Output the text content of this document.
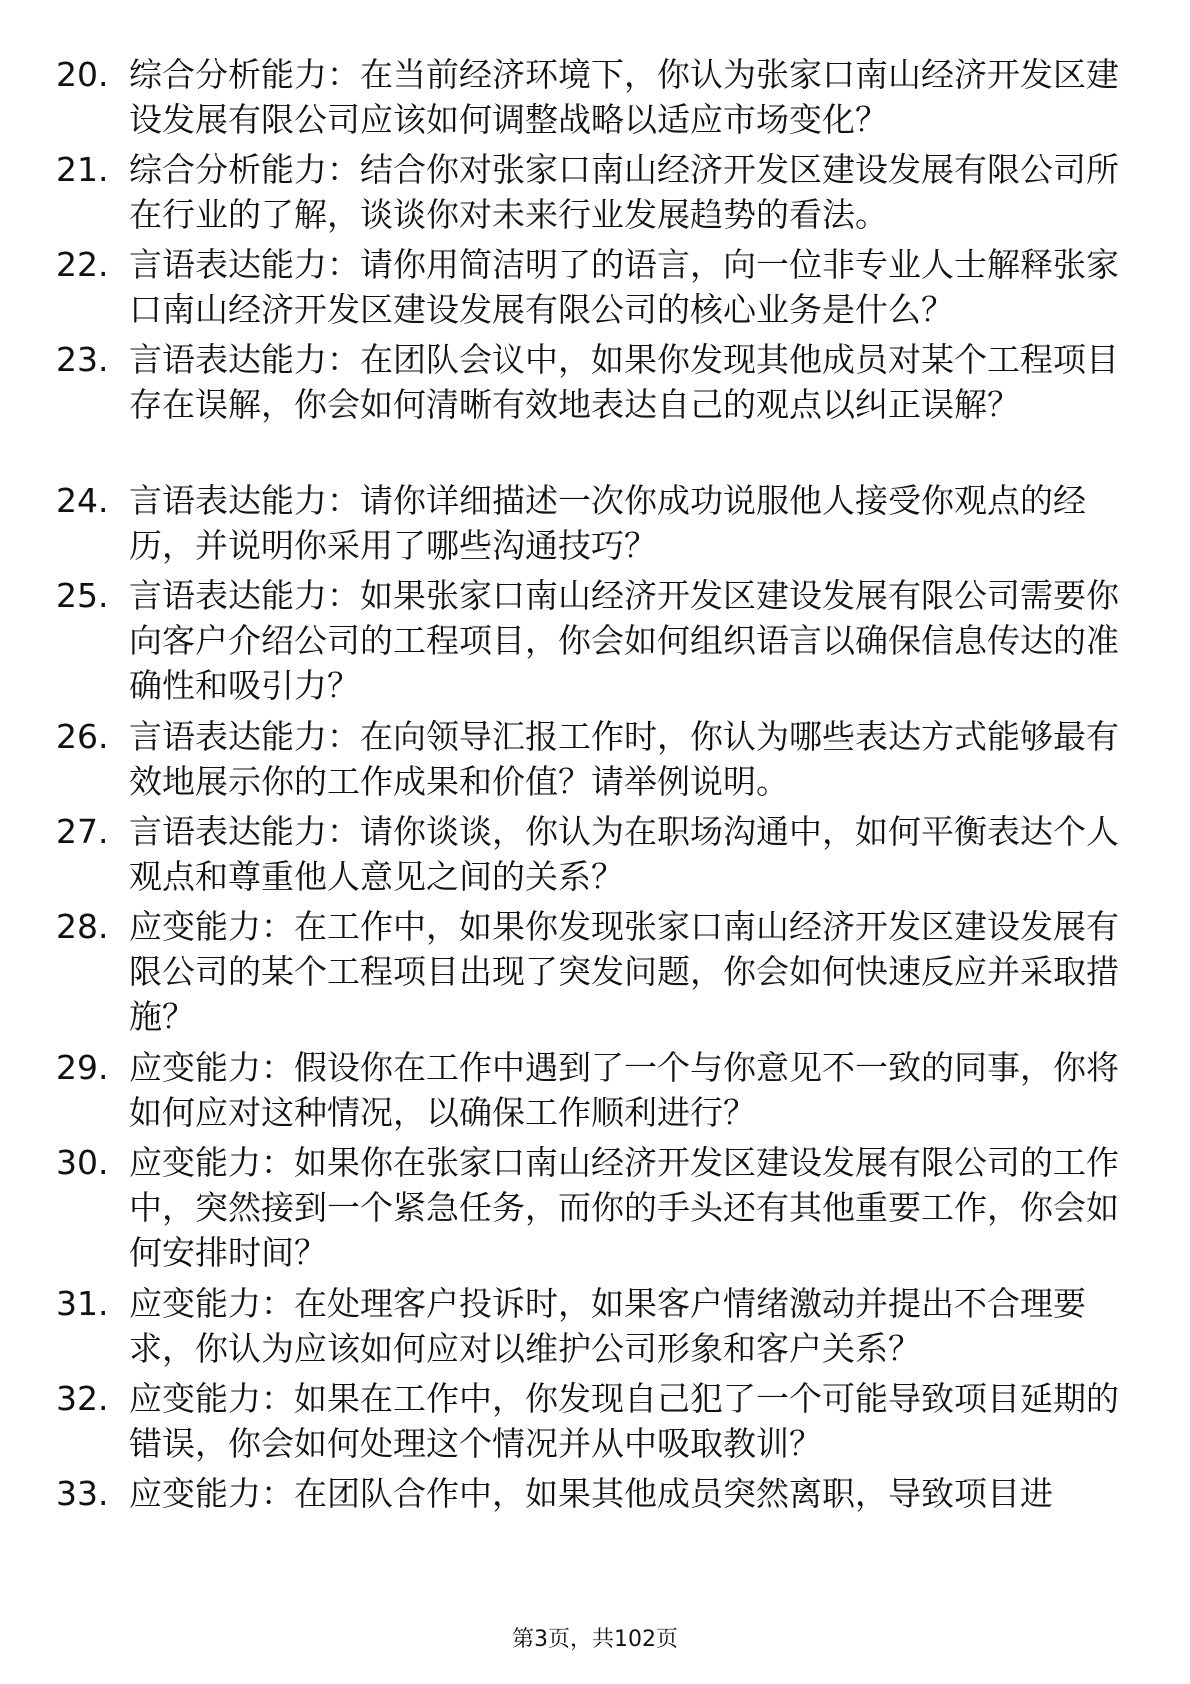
20. 综合分析能力：在当前经济环境下，你认为张家口南山经济开发区建设发展有限公司应该如何调整战略以适应市场变化？
21. 综合分析能力：结合你对张家口南山经济开发区建设发展有限公司所在行业的了解，谈谈你对未来行业发展趋势的看法。
22. 言语表达能力：请你用简洁明了的语言，向一位非专业人士解释张家口南山经济开发区建设发展有限公司的核心业务是什么？
23. 言语表达能力：在团队会议中，如果你发现其他成员对某个工程项目存在误解，你会如何清晰有效地表达自己的观点以纠正误解？
24. 言语表达能力：请你详细描述一次你成功说服他人接受你观点的经历，并说明你采用了哪些沟通技巧？
25. 言语表达能力：如果张家口南山经济开发区建设发展有限公司需要你向客户介绍公司的工程项目，你会如何组织语言以确保信息传达的准确性和吸引力？
26. 言语表达能力：在向领导汇报工作时，你认为哪些表达方式能够最有效地展示你的工作成果和价值？请举例说明。
27. 言语表达能力：请你谈谈，你认为在职场沟通中，如何平衡表达个人观点和尊重他人意见之间的关系？
28. 应变能力：在工作中，如果你发现张家口南山经济开发区建设发展有限公司的某个工程项目出现了突发问题，你会如何快速反应并采取措施？
29. 应变能力：假设你在工作中遇到了一个与你意见不一致的同事，你将如何应对这种情况，以确保工作顺利进行？
30. 应变能力：如果你在张家口南山经济开发区建设发展有限公司的工作中，突然接到一个紧急任务，而你的手头还有其他重要工作，你会如何安排时间？
31. 应变能力：在处理客户投诉时，如果客户情绪激动并提出不合理要求，你认为应该如何应对以维护公司形象和客户关系？
32. 应变能力：如果在工作中，你发现自己犯了一个可能导致项目延期的错误，你会如何处理这个情况并从中吸取教训？
33. 应变能力：在团队合作中，如果其他成员突然离职，导致项目进
第3页，共102页
